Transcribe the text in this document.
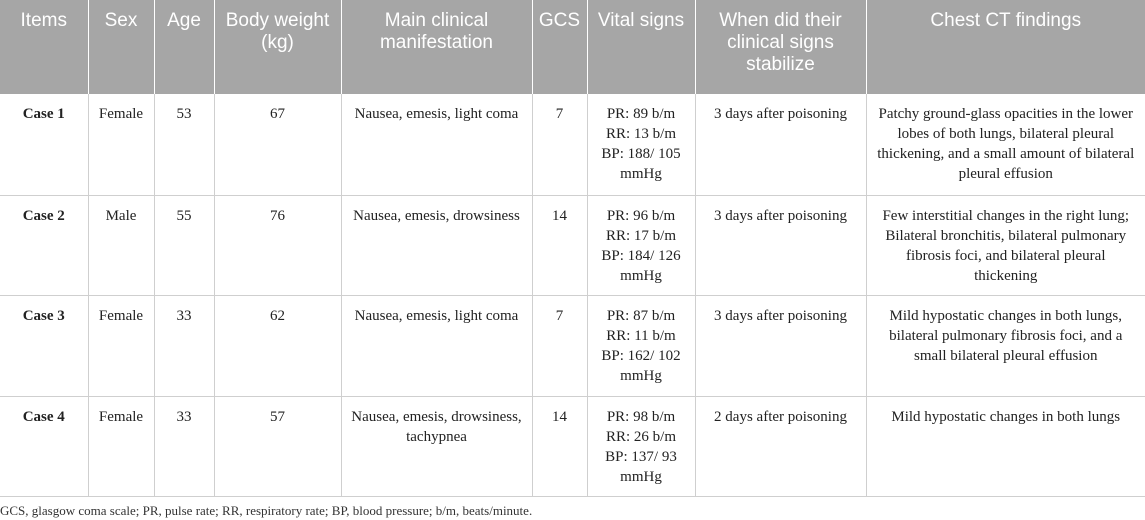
Items	Sex	Age	Body weight (kg)	Main clinical manifestation	GCS	Vital signs	When did their clinical signs stabilize	Chest CT findings
Case 1	Female	53	67	Nausea, emesis, light coma	7	PR: 89 b/m
RR: 13 b/m
BP: 188/ 105 mmHg	3 days after poisoning	Patchy ground-glass opacities in the lower lobes of both lungs, bilateral pleural thickening, and a small amount of bilateral pleural effusion
Case 2	Male	55	76	Nausea, emesis, drowsiness	14	PR: 96 b/m
RR: 17 b/m
BP: 184/ 126 mmHg	3 days after poisoning	Few interstitial changes in the right lung; Bilateral bronchitis, bilateral pulmonary fibrosis foci, and bilateral pleural thickening
Case 3	Female	33	62	Nausea, emesis, light coma	7	PR: 87 b/m
RR: 11 b/m
BP: 162/ 102 mmHg	3 days after poisoning	Mild hypostatic changes in both lungs, bilateral pulmonary fibrosis foci, and a small bilateral pleural effusion
Case 4	Female	33	57	Nausea, emesis, drowsiness, tachypnea	14	PR: 98 b/m
RR: 26 b/m
BP: 137/ 93 mmHg	2 days after poisoning	Mild hypostatic changes in both lungs
GCS, glasgow coma scale; PR, pulse rate; RR, respiratory rate; BP, blood pressure; b/m, beats/minute.
